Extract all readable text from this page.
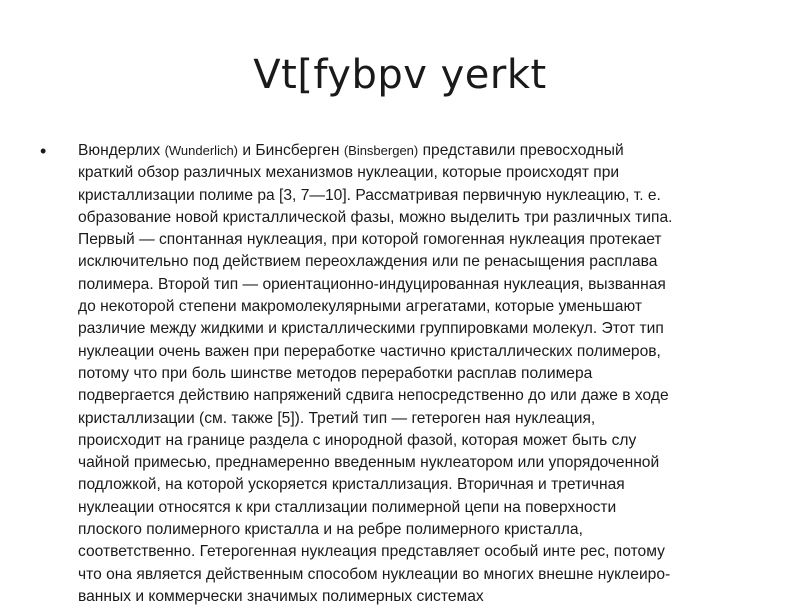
Vt[fybpv yerkt
•	Вюндерлих (Wunderlich) и Бинсберген (Binsbergen) представили превосходный
краткий обзор различных механизмов нуклеации, которые происходят при
кристаллизации полиме ра [3, 7—10]. Рассматривая первичную нуклеацию, т. е.
образование новой кристаллической фазы, можно выделить три различных типа.
Первый — спонтанная нуклеация, при которой гомогенная нуклеация протекает
исключительно под действием переохлаждения или пе ренасыщения расплава
полимера. Второй тип — ориентационно-индуцированная нуклеация, вызванная
до некоторой степени макромолекулярными агрегатами, которые уменьшают
различие между жидкими и кристаллическими группировками молекул. Этот тип
нуклеации очень важен при переработке частично кристаллических полимеров,
потому что при боль шинстве методов переработки расплав полимера
подвергается действию напряжений сдвига непосредственно до или даже в ходе
кристаллизации (см. также [5]). Третий тип — гетероген ная нуклеация,
происходит на границе раздела с инородной фазой, которая может быть слу
чайной примесью, преднамеренно введенным нуклеатором или упорядоченной
подложкой, на которой ускоряется кристаллизация. Вторичная и третичная
нуклеации относятся к кри сталлизации полимерной цепи на поверхности
плоского полимерного кристалла и на ребре полимерного кристалла,
соответственно. Гетерогенная нуклеация представляет особый инте рес, потому
что она является действенным способом нуклеации во многих внешне нуклеиро-
ванных и коммерчески значимых полимерных системах
